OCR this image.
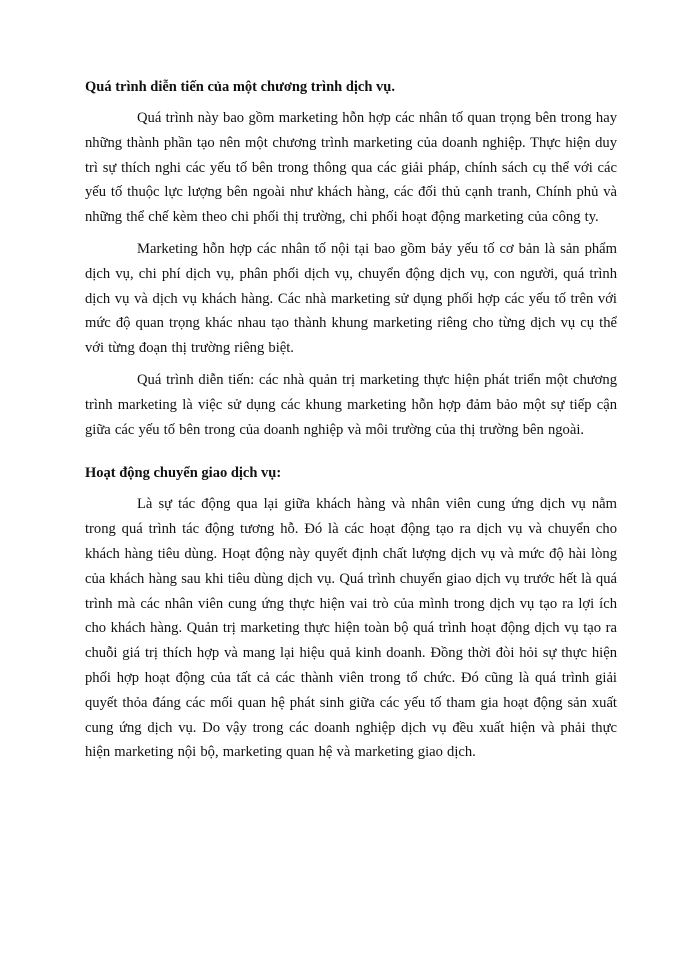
Quá trình diễn tiến của một chương trình dịch vụ.

Quá trình này bao gồm marketing hỗn hợp các nhân tố quan trọng bên trong hay những thành phần tạo nên một chương trình marketing của doanh nghiệp. Thực hiện duy trì sự thích nghi các yếu tố bên trong thông qua các giải pháp, chính sách cụ thể với các yếu tố thuộc lực lượng bên ngoài như khách hàng, các đối thủ cạnh tranh, Chính phủ và những thể chế kèm theo chi phối thị trường, chi phối hoạt động marketing của công ty.

Marketing hỗn hợp các nhân tố nội tại bao gồm bảy yếu tố cơ bản là sản phẩm dịch vụ, chi phí dịch vụ, phân phối dịch vụ, chuyển động dịch vụ, con người, quá trình dịch vụ và dịch vụ khách hàng. Các nhà marketing sử dụng phối hợp các yếu tố trên với mức độ quan trọng khác nhau tạo thành khung marketing riêng cho từng dịch vụ cụ thể với từng đoạn thị trường riêng biệt.

Quá trình diễn tiến: các nhà quản trị marketing thực hiện phát triển một chương trình marketing là việc sử dụng các khung marketing hỗn hợp đảm bảo một sự tiếp cận giữa các yếu tố bên trong của doanh nghiệp và môi trường của thị trường bên ngoài.

Hoạt động chuyển giao dịch vụ:

Là sự tác động qua lại giữa khách hàng và nhân viên cung ứng dịch vụ nằm trong quá trình tác động tương hỗ. Đó là các hoạt động tạo ra dịch vụ và chuyển cho khách hàng tiêu dùng. Hoạt động này quyết định chất lượng dịch vụ và mức độ hài lòng của khách hàng sau khi tiêu dùng dịch vụ. Quá trình chuyển giao dịch vụ trước hết là quá trình mà các nhân viên cung ứng thực hiện vai trò của mình trong dịch vụ tạo ra lợi ích cho khách hàng. Quản trị marketing thực hiện toàn bộ quá trình hoạt động dịch vụ tạo ra chuỗi giá trị thích hợp và mang lại hiệu quả kinh doanh. Đồng thời đòi hỏi sự thực hiện phối hợp hoạt động của tất cả các thành viên trong tổ chức. Đó cũng là quá trình giải quyết thỏa đáng các mối quan hệ phát sinh giữa các yếu tố tham gia hoạt động sản xuất cung ứng dịch vụ. Do vậy trong các doanh nghiệp dịch vụ đều xuất hiện và phải thực hiện marketing nội bộ, marketing quan hệ và marketing giao dịch.
